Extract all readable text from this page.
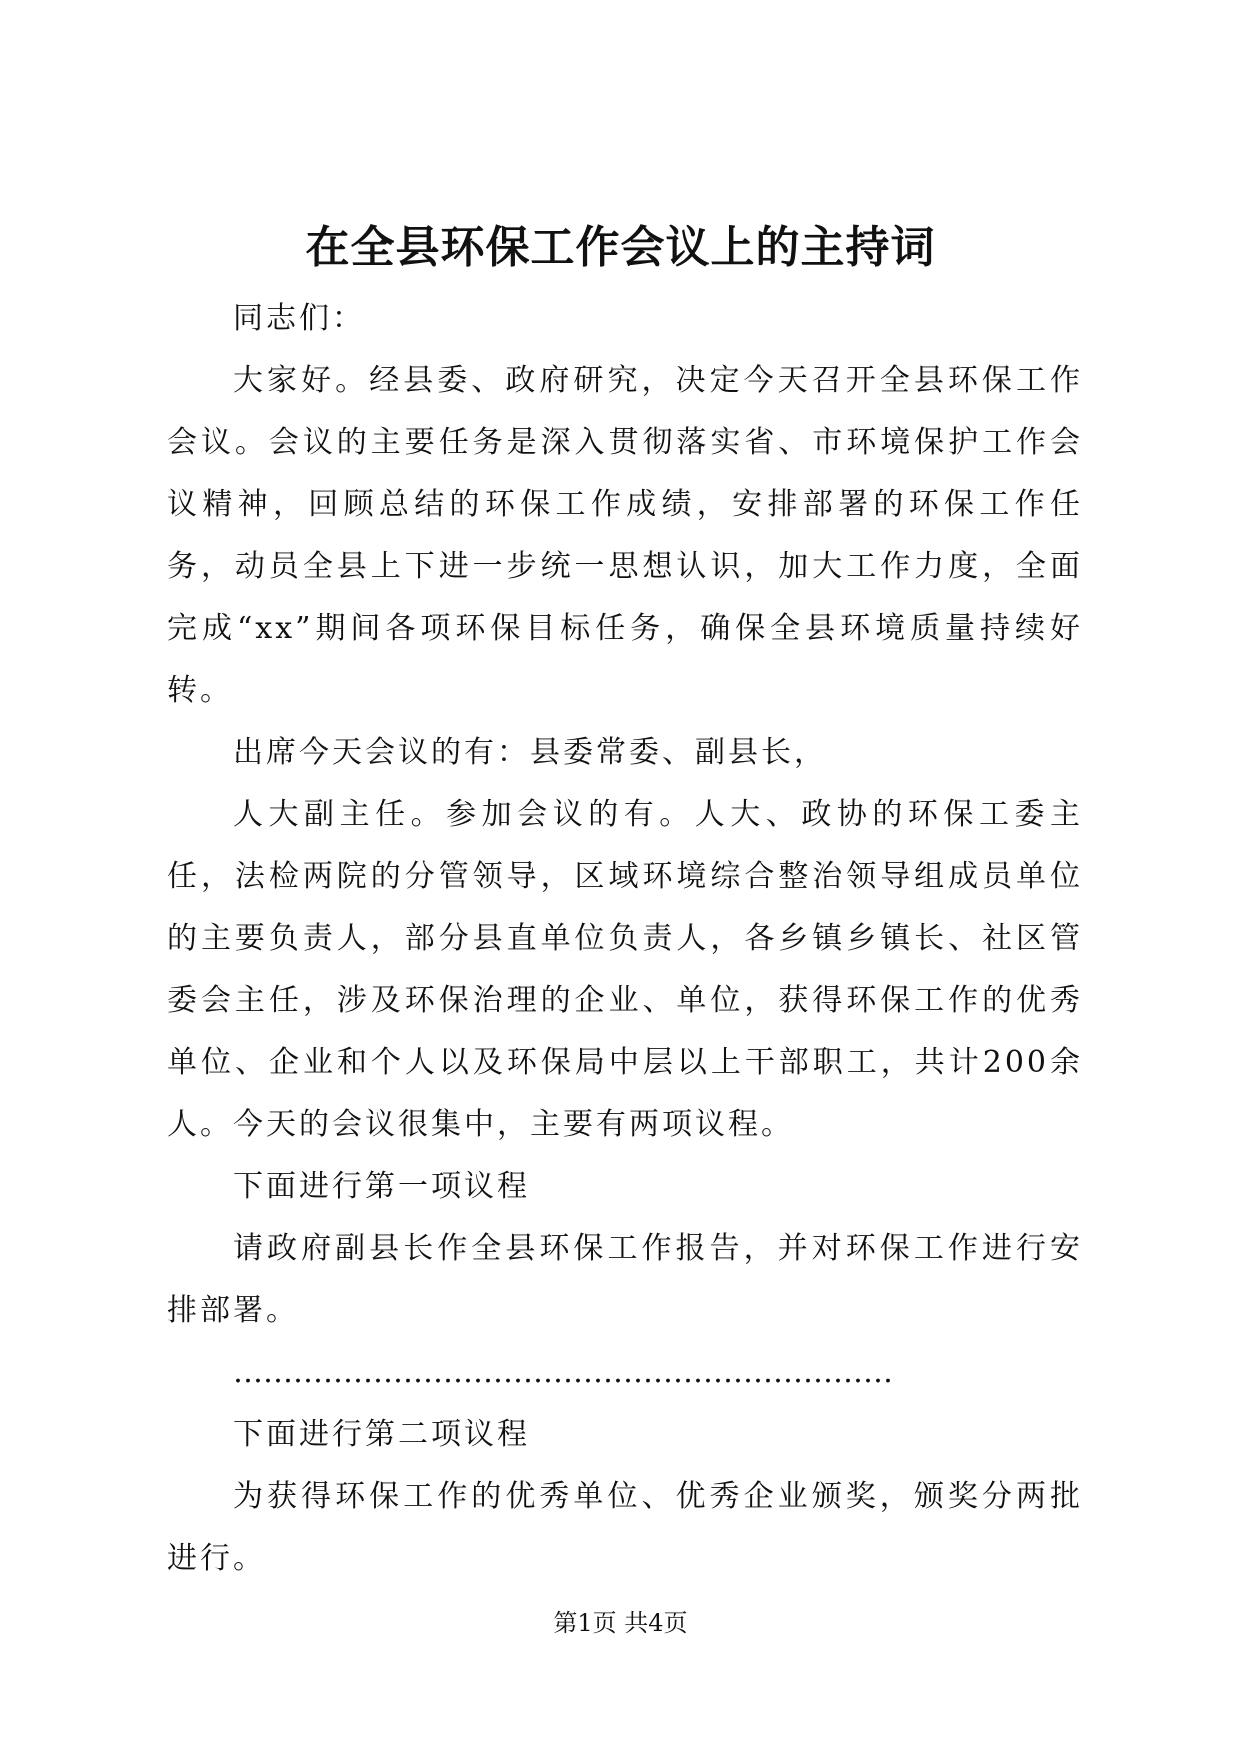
在全县环保工作会议上的主持词

同志们：

大家好。经县委、政府研究，决定今天召开全县环保工作会议。会议的主要任务是深入贯彻落实省、市环境保护工作会议精神，回顾总结的环保工作成绩，安排部署的环保工作任务，动员全县上下进一步统一思想认识，加大工作力度，全面完成“xx”期间各项环保目标任务，确保全县环境质量持续好转。

出席今天会议的有：县委常委、副县长，

人大副主任。参加会议的有。人大、政协的环保工委主任，法检两院的分管领导，区域环境综合整治领导组成员单位的主要负责人，部分县直单位负责人，各乡镇乡镇长、社区管委会主任，涉及环保治理的企业、单位，获得环保工作的优秀单位、企业和个人以及环保局中层以上干部职工，共计200余人。今天的会议很集中，主要有两项议程。

下面进行第一项议程

请政府副县长作全县环保工作报告，并对环保工作进行安排部署。

…………………………………………………………

下面进行第二项议程

为获得环保工作的优秀单位、优秀企业颁奖，颁奖分两批进行。

第1页 共4页
